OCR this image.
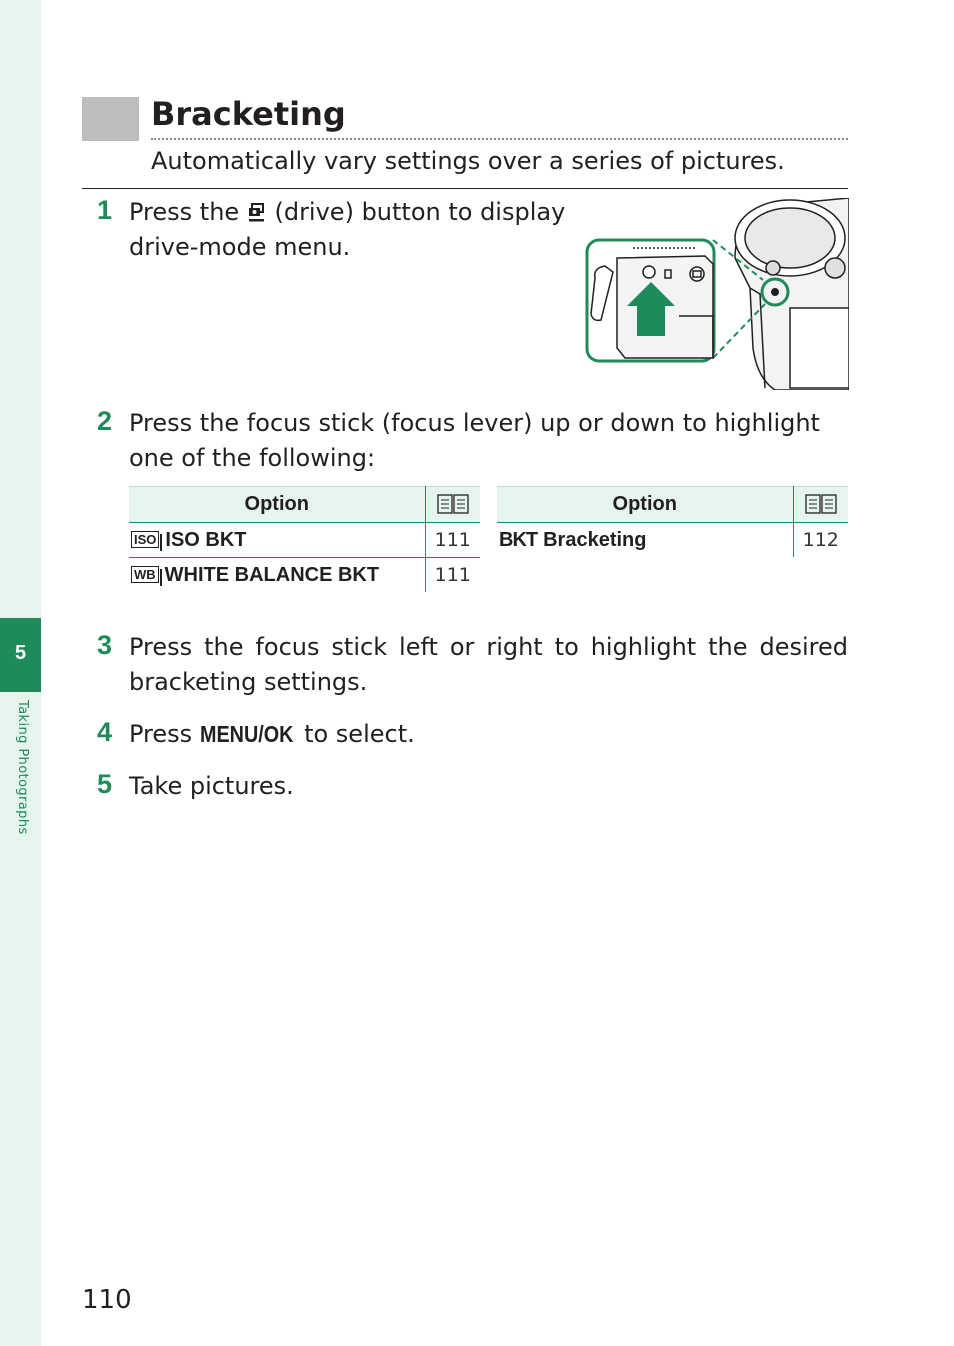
5
Taking Photographs
Bracketing
Automatically vary settings over a series of pictures.
1 Press the (drive) button to display drive-mode menu.
2 Press the focus stick (focus lever) up or down to highlight one of the following:
Option	
ISO ISO BKT	111
WB WHITE BALANCE BKT	111
Option	
BKT Bracketing	112
3 Press the focus stick left or right to highlight the desired bracketing settings.
4 Press MENU/OK to select.
5 Take pictures.
110
